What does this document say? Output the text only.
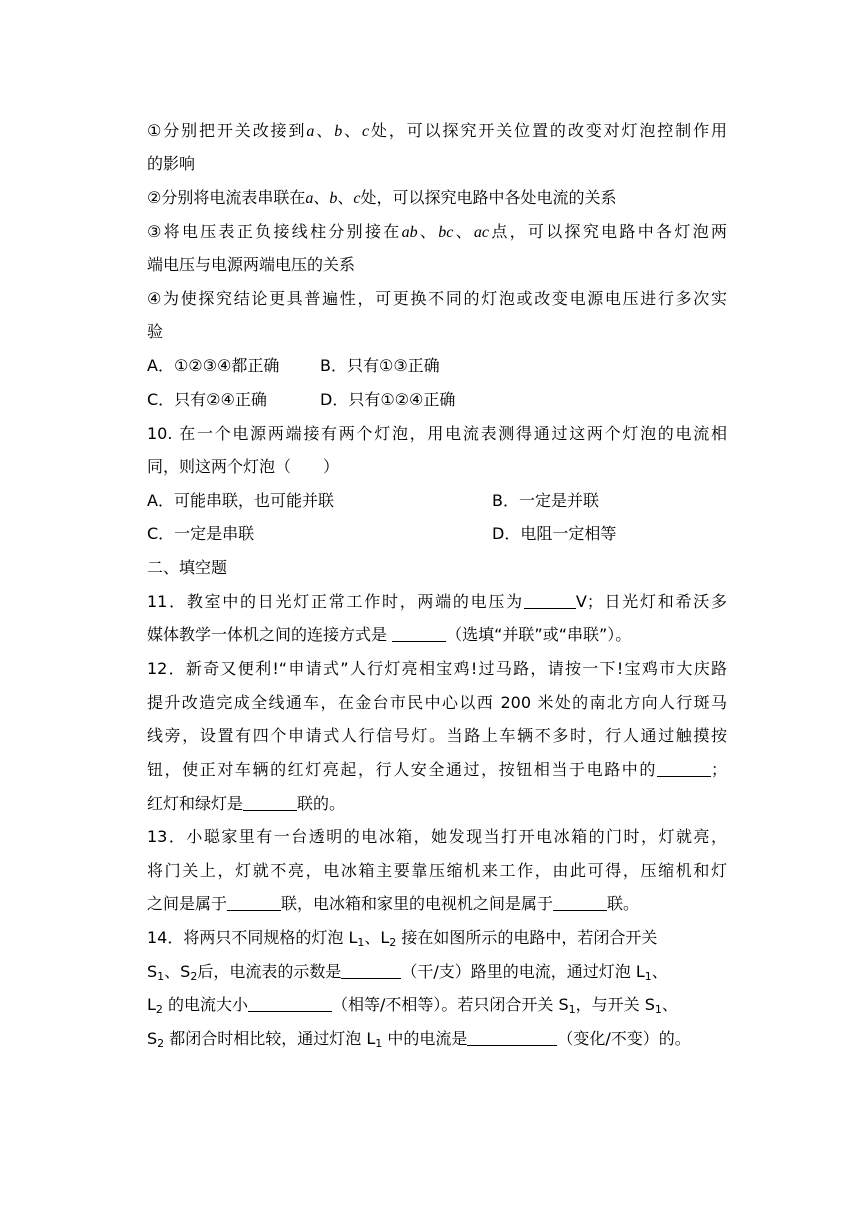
①分别把开关改接到a、b、c处，可以探究开关位置的改变对灯泡控制作用
的影响
②分别将电流表串联在a、b、c处，可以探究电路中各处电流的关系
③将电压表正负接线柱分别接在ab、bc、ac点，可以探究电路中各灯泡两
端电压与电源两端电压的关系
④为使探究结论更具普遍性，可更换不同的灯泡或改变电源电压进行多次实
验
A．①②③④都正确	B．只有①③正确
C．只有②④正确	D．只有①②④正确
10. 在一个电源两端接有两个灯泡，用电流表测得通过这两个灯泡的电流相
同，则这两个灯泡（　　）
A．可能串联，也可能并联	B．一定是并联
C．一定是串联	D．电阻一定相等
二、填空题
11．教室中的日光灯正常工作时，两端的电压为	V；日光灯和希沃多
媒体教学一体机之间的连接方式是	（选填“并联”或“串联”）。
12．新奇又便利!“申请式”人行灯亮相宝鸡!过马路，请按一下!宝鸡市大庆路
提升改造完成全线通车，在金台市民中心以西 200 米处的南北方向人行斑马
线旁，设置有四个申请式人行信号灯。当路上车辆不多时，行人通过触摸按
钮，使正对车辆的红灯亮起，行人安全通过，按钮相当于电路中的	；
红灯和绿灯是	联的。
13．小聪家里有一台透明的电冰箱，她发现当打开电冰箱的门时，灯就亮，
将门关上，灯就不亮，电冰箱主要靠压缩机来工作，由此可得，压缩机和灯
之间是属于	联，电冰箱和家里的电视机之间是属于	联。
14．将两只不同规格的灯泡 $L_1$、$L_2$ 接在如图所示的电路中，若闭合开关
$S_1$、$S_2$后，电流表的示数是	（干/支）路里的电流，通过灯泡 $L_1$、
$L_2$ 的电流大小	（相等/不相等）。若只闭合开关 $S_1$，与开关 $S_1$、
$S_2$ 都闭合时相比较，通过灯泡 $L_1$ 中的电流是	（变化/不变）的。
